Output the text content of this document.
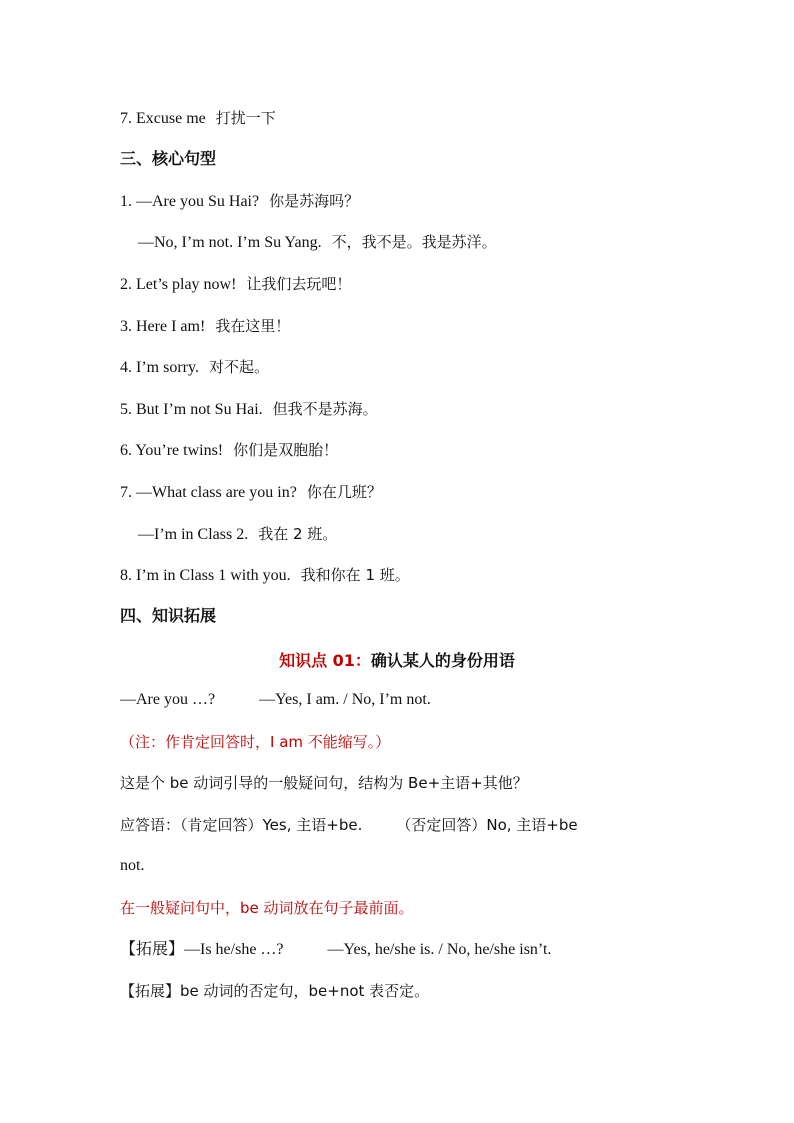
7. Excuse me 打扰一下
三、核心句型
1. —Are you Su Hai? 你是苏海吗？
—No, I’m not. I’m Su Yang. 不，我不是。我是苏洋。
2. Let’s play now! 让我们去玩吧！
3. Here I am! 我在这里！
4. I’m sorry. 对不起。
5. But I’m not Su Hai. 但我不是苏海。
6. You’re twins! 你们是双胞胎！
7. —What class are you in? 你在几班？
—I’m in Class 2. 我在 2 班。
8. I’m in Class 1 with you. 我和你在 1 班。
四、知识拓展
知识点 01：确认某人的身份用语
—Are you …?	—Yes, I am. / No, I’m not.
（注：作肯定回答时，I am 不能缩写。）
这是个 be 动词引导的一般疑问句，结构为 Be+主语+其他？
应答语：（肯定回答）Yes, 主语+be. （否定回答）No, 主语+be
not.
在一般疑问句中，be 动词放在句子最前面。
【拓展】—Is he/she …?	—Yes, he/she is. / No, he/she isn’t.
【拓展】be 动词的否定句，be+not 表否定。
